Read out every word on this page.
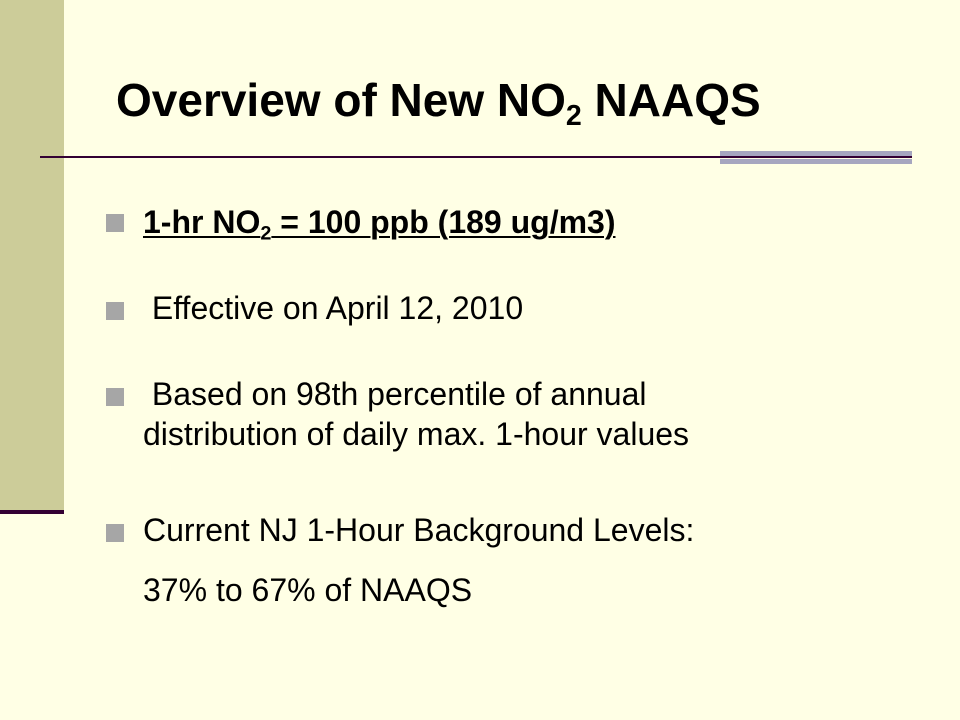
Overview of New $NO_2$ NAAQS
1-hr $NO_2 = 100$ ppb (189 ug/m3)
Effective on April 12, 2010
Based on 98th percentile of annual
distribution of daily max. 1-hour values
Current NJ 1-Hour Background Levels:
37% to 67% of NAAQS
